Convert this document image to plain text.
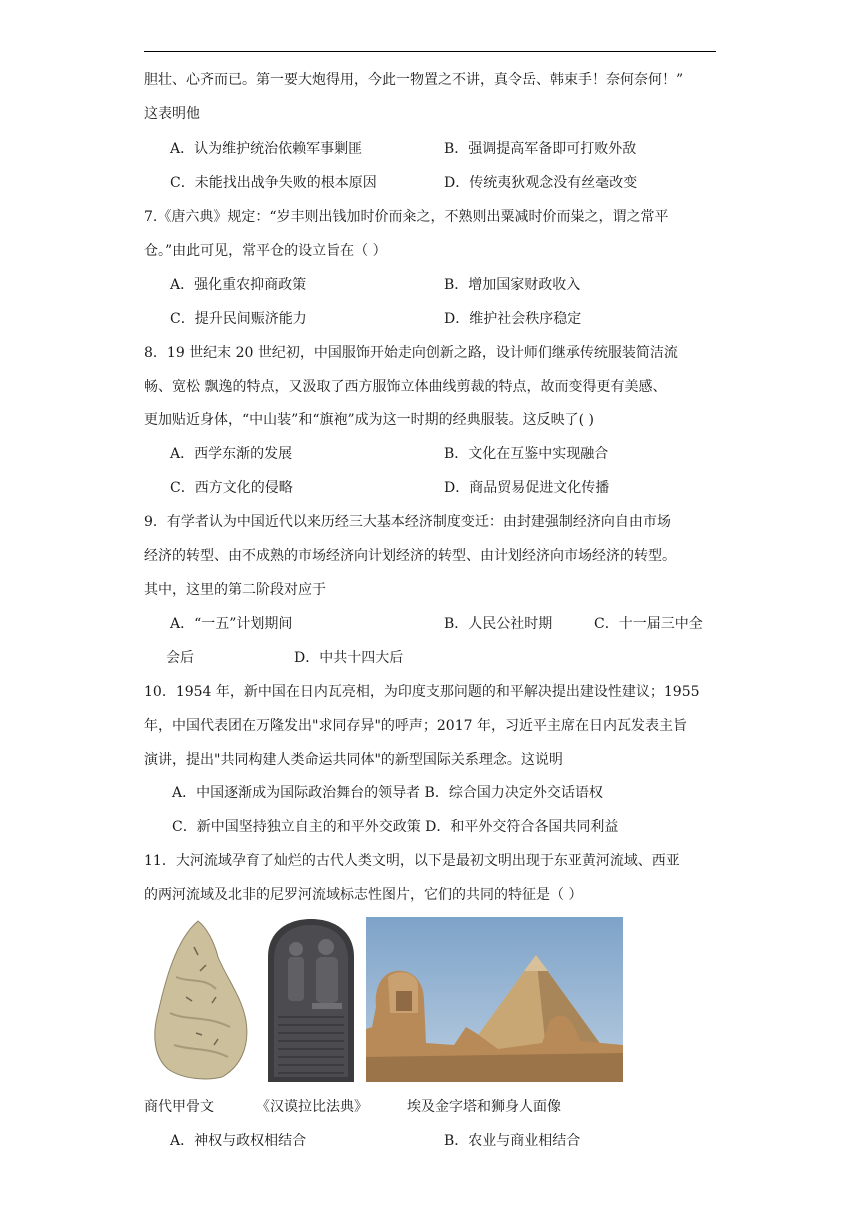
胆壮、心齐而已。第一要大炮得用，今此一物置之不讲，真令岳、韩束手！奈何奈何！”
这表明他
A．认为维护统治依赖军事剿匪	B．强调提高军备即可打败外敌
C．未能找出战争失败的根本原因	D．传统夷狄观念没有丝毫改变
7.《唐六典》规定：“岁丰则出钱加时价而籴之，不熟则出粟减时价而粜之，谓之常平
仓。”由此可见，常平仓的设立旨在（ ）
A．强化重农抑商政策	B．增加国家财政收入
C．提升民间赈济能力	D．维护社会秩序稳定
8．19 世纪末 20 世纪初，中国服饰开始走向创新之路，设计师们继承传统服装简洁流
畅、宽松 飘逸的特点，又汲取了西方服饰立体曲线剪裁的特点，故而变得更有美感、
更加贴近身体，“中山装”和“旗袍”成为这一时期的经典服装。这反映了( )
A．西学东渐的发展	B．文化在互鉴中实现融合
C．西方文化的侵略	D．商品贸易促进文化传播
9．有学者认为中国近代以来历经三大基本经济制度变迁：由封建强制经济向自由市场
经济的转型、由不成熟的市场经济向计划经济的转型、由计划经济向市场经济的转型。
其中，这里的第二阶段对应于
A．“一五”计划期间	B．人民公社时期	C．十一届三中全
会后	D．中共十四大后
10．1954 年，新中国在日内瓦亮相，为印度支那问题的和平解决提出建设性建议；1955
年，中国代表团在万隆发出"求同存异"的呼声；2017 年，习近平主席在日内瓦发表主旨
演讲，提出"共同构建人类命运共同体"的新型国际关系理念。这说明
A．中国逐渐成为国际政治舞台的领导者 B．综合国力决定外交话语权
C．新中国坚持独立自主的和平外交政策 D．和平外交符合各国共同利益
11．大河流域孕育了灿烂的古代人类文明，以下是最初文明出现于东亚黄河流域、西亚
的两河流域及北非的尼罗河流域标志性图片，它们的共同的特征是（ ）
商代甲骨文	《汉谟拉比法典》	埃及金字塔和狮身人面像
A．神权与政权相结合	B．农业与商业相结合
